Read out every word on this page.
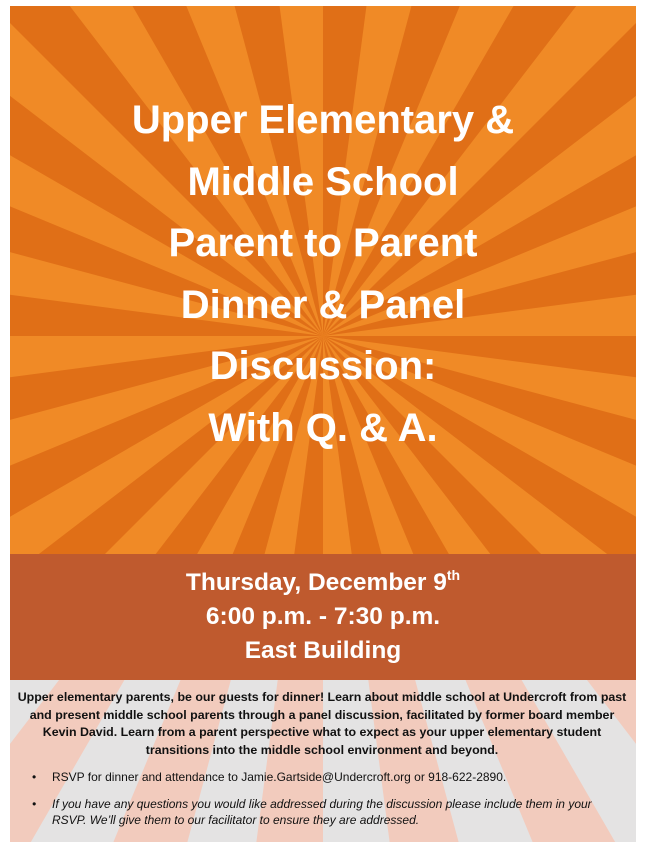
Upper Elementary &
Middle School
Parent to Parent
Dinner & Panel
Discussion:
With Q. & A.
Thursday, December 9th
6:00 p.m. - 7:30 p.m.
East Building
Upper elementary parents, be our guests for dinner! Learn about middle school at Undercroft from past and present middle school parents through a panel discussion, facilitated by former board member Kevin David. Learn from a parent perspective what to expect as your upper elementary student transitions into the middle school environment and beyond.
• RSVP for dinner and attendance to Jamie.Gartside@Undercroft.org or 918-622-2890.
• If you have any questions you would like addressed during the discussion please include them in your RSVP. We’ll give them to our facilitator to ensure they are addressed.
